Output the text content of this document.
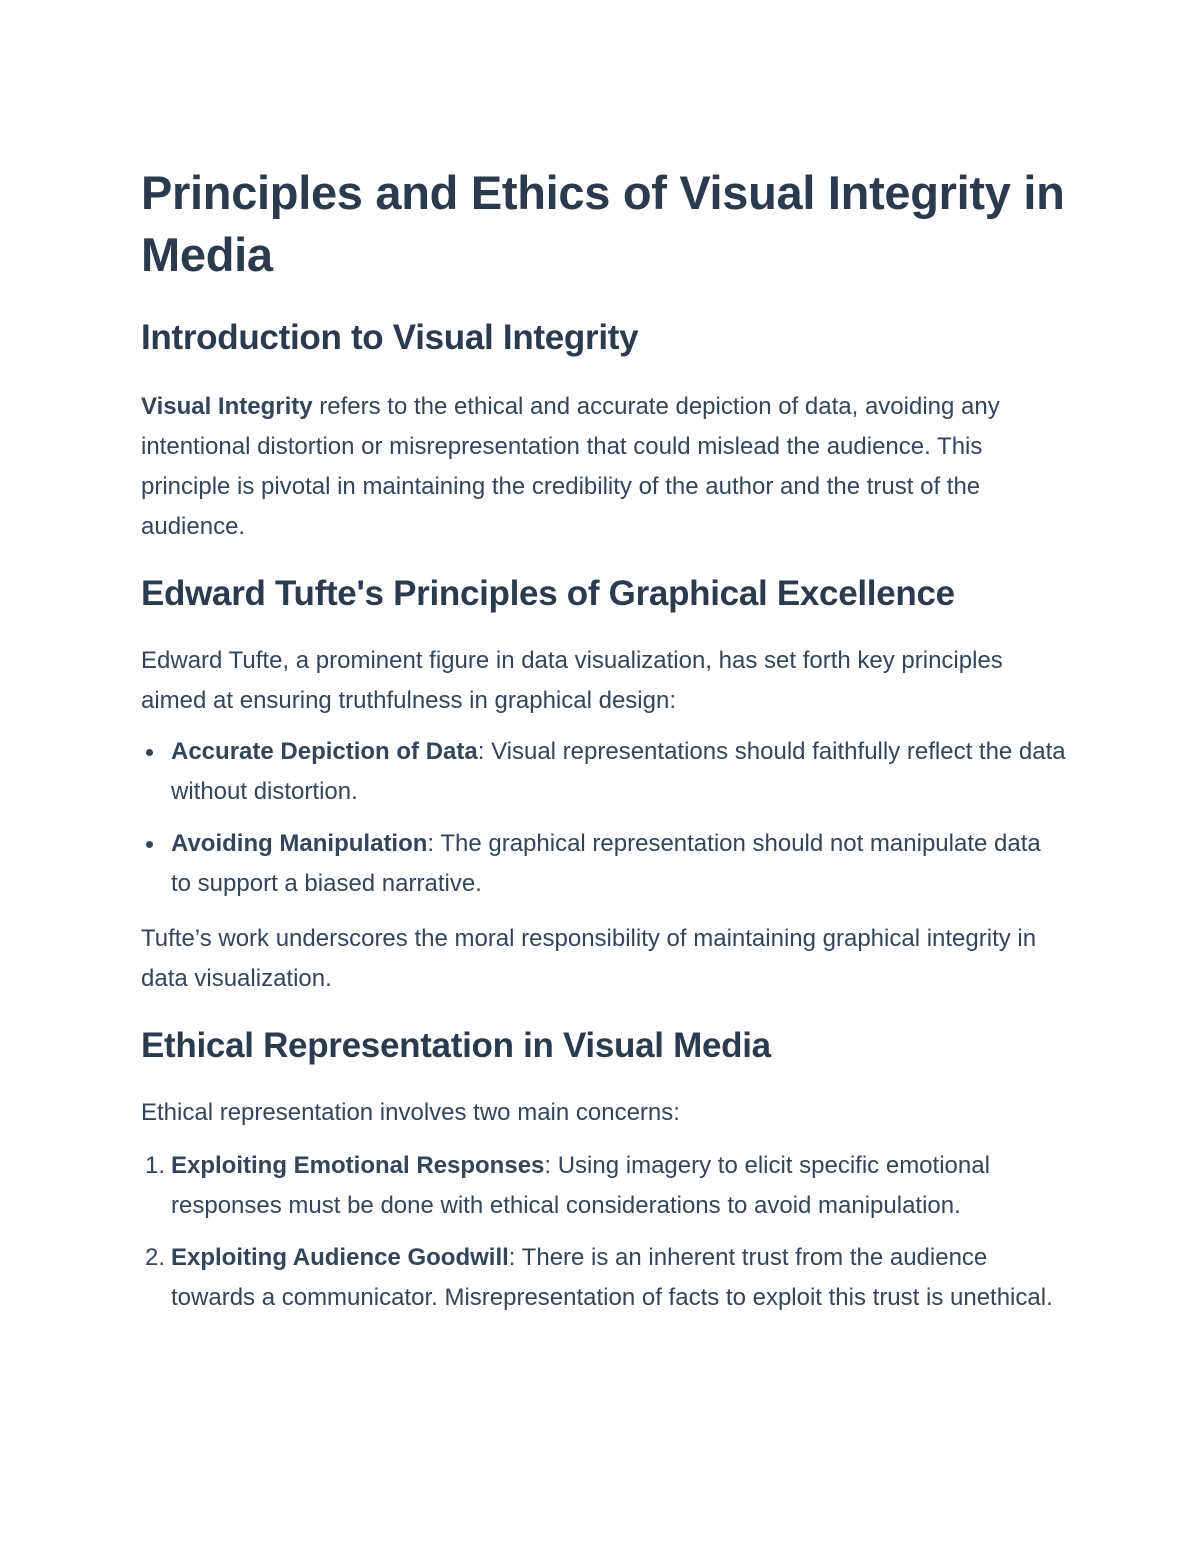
Principles and Ethics of Visual Integrity in Media
Introduction to Visual Integrity

Visual Integrity refers to the ethical and accurate depiction of data, avoiding any intentional distortion or misrepresentation that could mislead the audience. This principle is pivotal in maintaining the credibility of the author and the trust of the audience.

Edward Tufte's Principles of Graphical Excellence

Edward Tufte, a prominent figure in data visualization, has set forth key principles aimed at ensuring truthfulness in graphical design:

Accurate Depiction of Data: Visual representations should faithfully reflect the data without distortion.
Avoiding Manipulation: The graphical representation should not manipulate data to support a biased narrative.

Tufte’s work underscores the moral responsibility of maintaining graphical integrity in data visualization.

Ethical Representation in Visual Media

Ethical representation involves two main concerns:

1. Exploiting Emotional Responses: Using imagery to elicit specific emotional responses must be done with ethical considerations to avoid manipulation.
2. Exploiting Audience Goodwill: There is an inherent trust from the audience towards a communicator. Misrepresentation of facts to exploit this trust is unethical.
